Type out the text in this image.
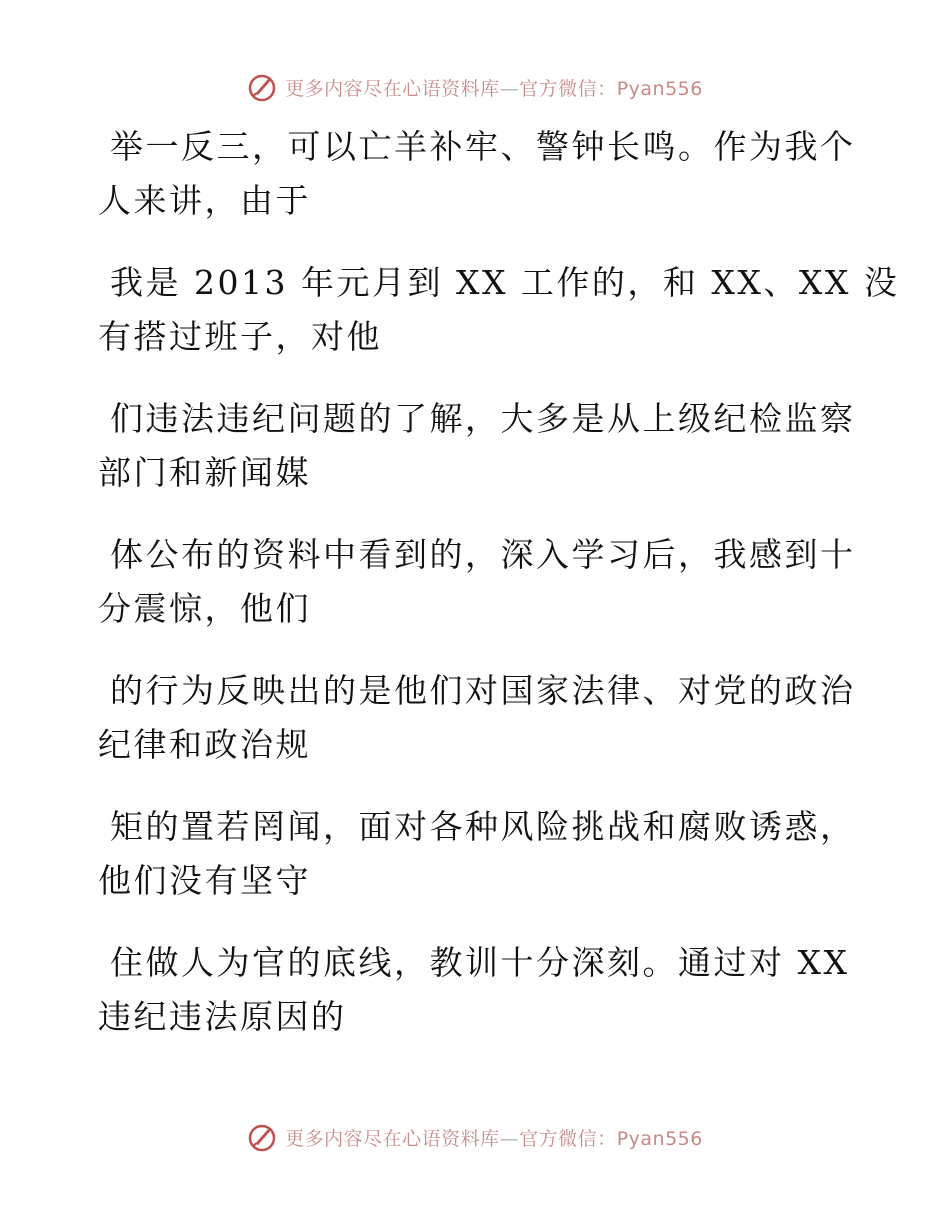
更多内容尽在心语资料库—官方微信：Pyan556

举一反三，可以亡羊补牢、警钟长鸣。作为我个
人来讲，由于

我是 2013 年元月到 XX 工作的，和 XX、XX 没
有搭过班子，对他

们违法违纪问题的了解，大多是从上级纪检监察
部门和新闻媒

体公布的资料中看到的，深入学习后，我感到十
分震惊，他们

的行为反映出的是他们对国家法律、对党的政治
纪律和政治规

矩的置若罔闻，面对各种风险挑战和腐败诱惑，
他们没有坚守

住做人为官的底线，教训十分深刻。通过对 XX
违纪违法原因的

更多内容尽在心语资料库—官方微信：Pyan556
